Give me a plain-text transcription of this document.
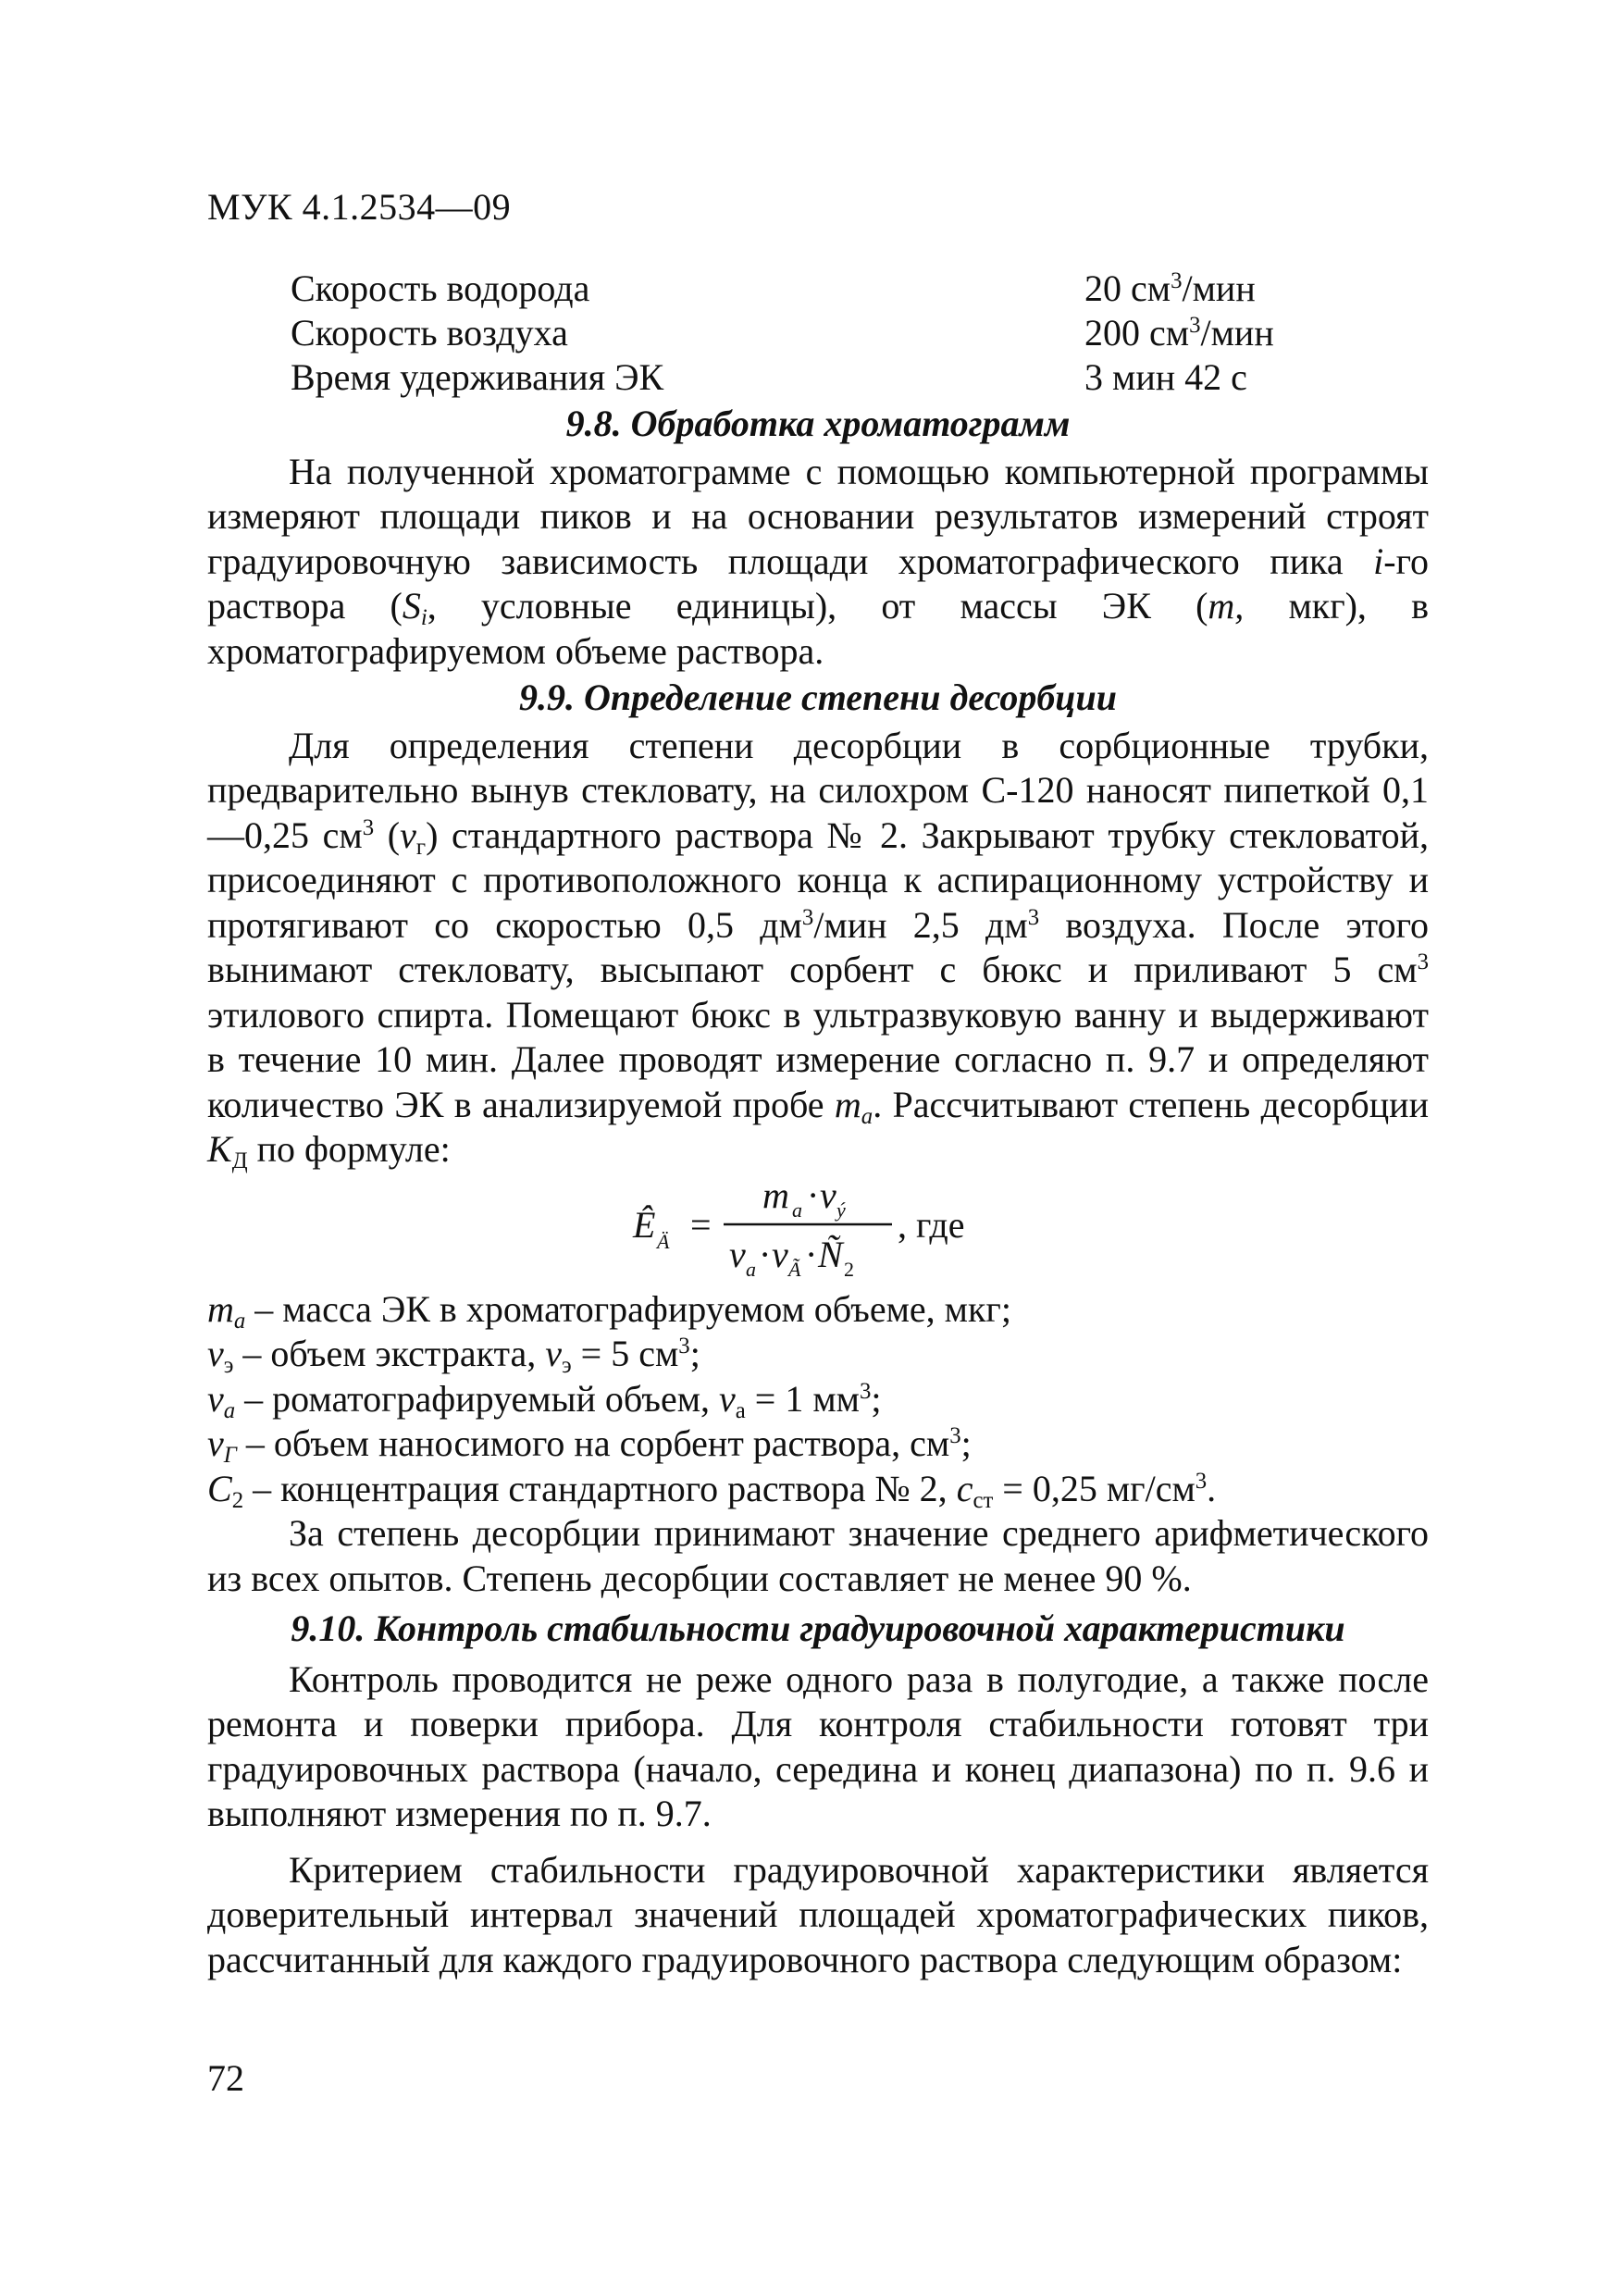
МУК 4.1.2534—09
Скорость водорода	20 $см^3$/мин
Скорость воздуха	200 $см^3$/мин
Время удерживания ЭК	3 мин 42 с
9.8. Обработка хроматограмм

На полученной хроматограмме с помощью компьютерной программы измеряют площади пиков и на основании результатов измерений строят градуировочную зависимость площади хроматографического пика i-го раствора ($S_i$, условные единицы), от массы ЭК (m, мкг), в хроматографируемом объеме раствора.

9.9. Определение степени десорбции

Для определения степени десорбции в сорбционные трубки, предварительно вынув стекловату, на силохром С-120 наносят пипеткой 0,1—0,25 $см^3$ $(v_г)$ стандартного раствора № 2. Закрывают трубку стекловатой, присоединяют с противоположного конца к аспирационному устройству и протягивают со скоростью 0,5 $дм^3$/мин 2,5 $дм^3$ воздуха. После этого вынимают стекловату, высыпают сорбент с бюкс и приливают 5 $см^3$ этилового спирта. Помещают бюкс в ультразвуковую ванну и выдерживают в течение 10 мин. Далее проводят измерение согласно п. 9.7 и определяют количество ЭК в анализируемой пробе $m_a$. Рассчитывают степень десорбции $K_Д$ по формуле:

Ê Ä =
m a · v ý
v a · v Ã · Ñ 2
, где

$m_a$ – масса ЭК в хроматографируемом объеме, мкг;

$v_э$ – объем экстракта, $v_э = 5$ $см^3$;

$v_a$ – роматографируемый объем, $v_а = 1$ $мм^3$;

$v_Г$ – объем наносимого на сорбент раствора, $см^3$;

$C_2$ – концентрация стандартного раствора № 2, $c_{ст} = 0,25$ $мг/см^3$.

За степень десорбции принимают значение среднего арифметического из всех опытов. Степень десорбции составляет не менее 90 %.

9.10. Контроль стабильности градуировочной характеристики

Контроль проводится не реже одного раза в полугодие, а также после ремонта и поверки прибора. Для контроля стабильности готовят три градуировочных раствора (начало, середина и конец диапазона) по п. 9.6 и выполняют измерения по п. 9.7.

Критерием стабильности градуировочной характеристики является доверительный интервал значений площадей хроматографических пиков, рассчитанный для каждого градуировочного раствора следующим образом:

72
